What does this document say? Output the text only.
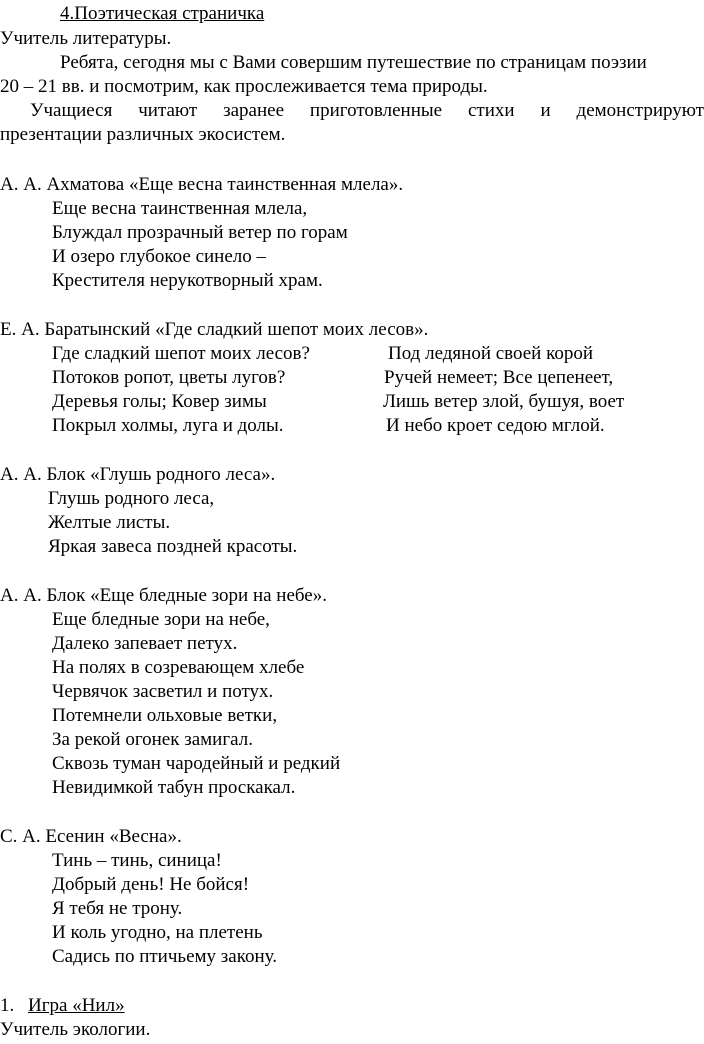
4.Поэтическая страничка
Учитель литературы.
Ребята, сегодня мы с Вами совершим путешествие по страницам поэзии
20 – 21 вв. и посмотрим, как прослеживается тема природы.
Учащиеся читают заранее приготовленные стихи и демонстрируют
презентации различных экосистем.
А. А. Ахматова «Еще весна таинственная млела».
Еще весна таинственная млела,
Блуждал прозрачный ветер по горам
И озеро глубокое синело –
Крестителя нерукотворный храм.
Е. А. Баратынский «Где сладкий шепот моих лесов».
Где сладкий шепот моих лесов?
Потоков ропот, цветы лугов?
Деревья голы; Ковер зимы
Покрыл холмы, луга и долы.
Под ледяной своей корой
Ручей немеет; Все цепенеет,
Лишь ветер злой, бушуя, воет
И небо кроет седою мглой.
А. А. Блок «Глушь родного леса».
Глушь родного леса,
Желтые листы.
Яркая завеса поздней красоты.
А. А. Блок «Еще бледные зори на небе».
Еще бледные зори на небе,
Далеко запевает петух.
На полях в созревающем хлебе
Червячок засветил и потух.
Потемнели ольховые ветки,
За рекой огонек замигал.
Сквозь туман чародейный и редкий
Невидимкой табун проскакал.
С. А. Есенин «Весна».
Тинь – тинь, синица!
Добрый день! Не бойся!
Я тебя не трону.
И коль угодно, на плетень
Садись по птичьему закону.
1. Игра «Нил»
Учитель экологии.
